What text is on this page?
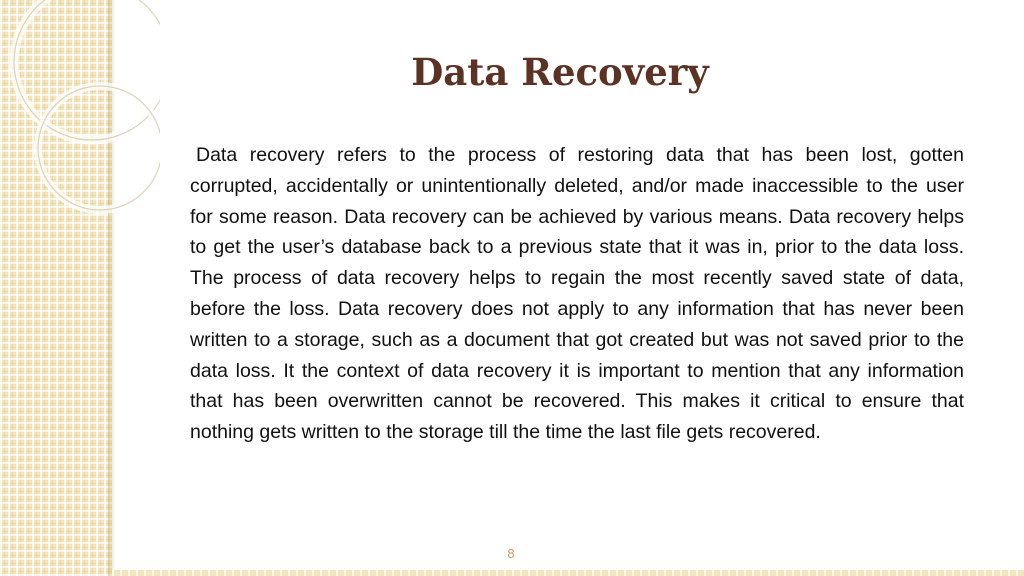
Data Recovery

Data recovery refers to the process of restoring data that has been lost, gotten corrupted, accidentally or unintentionally deleted, and/or made inaccessible to the user for some reason. Data recovery can be achieved by various means. Data recovery helps to get the user’s database back to a previous state that it was in, prior to the data loss. The process of data recovery helps to regain the most recently saved state of data, before the loss. Data recovery does not apply to any information that has never been written to a storage, such as a document that got created but was not saved prior to the data loss. It the context of data recovery it is important to mention that any information that has been overwritten cannot be recovered. This makes it critical to ensure that nothing gets written to the storage till the time the last file gets recovered.

8
